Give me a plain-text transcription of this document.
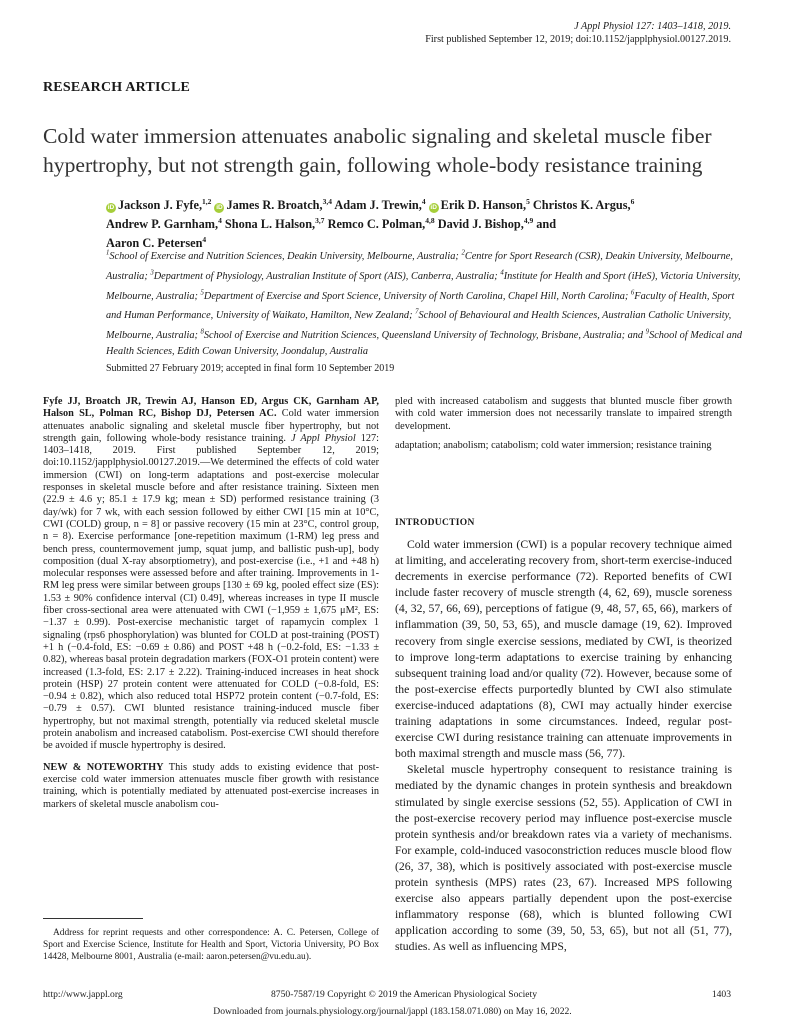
J Appl Physiol 127: 1403–1418, 2019.
First published September 12, 2019; doi:10.1152/japplphysiol.00127.2019.
RESEARCH ARTICLE
Cold water immersion attenuates anabolic signaling and skeletal muscle fiber hypertrophy, but not strength gain, following whole-body resistance training
iD Jackson J. Fyfe,$^{1,2}$ iD James R. Broatch,$^{3,4}$ Adam J. Trewin,$^4$ iD Erik D. Hanson,$^5$ Christos K. Argus,$^6$
Andrew P. Garnham,$^4$ Shona L. Halson,$^{3,7}$ Remco C. Polman,$^{4,8}$ David J. Bishop,$^{4,9}$ and
Aaron C. Petersen$^4$
$^1$School of Exercise and Nutrition Sciences, Deakin University, Melbourne, Australia; $^2$Centre for Sport Research (CSR), Deakin University, Melbourne, Australia; $^3$Department of Physiology, Australian Institute of Sport (AIS), Canberra, Australia; $^4$Institute for Health and Sport (iHeS), Victoria University, Melbourne, Australia; $^5$Department of Exercise and Sport Science, University of North Carolina, Chapel Hill, North Carolina; $^6$Faculty of Health, Sport and Human Performance, University of Waikato, Hamilton, New Zealand; $^7$School of Behavioural and Health Sciences, Australian Catholic University, Melbourne, Australia; $^8$School of Exercise and Nutrition Sciences, Queensland University of Technology, Brisbane, Australia; and $^9$School of Medical and Health Sciences, Edith Cowan University, Joondalup, Australia
Submitted 27 February 2019; accepted in final form 10 September 2019

Fyfe JJ, Broatch JR, Trewin AJ, Hanson ED, Argus CK, Garnham AP, Halson SL, Polman RC, Bishop DJ, Petersen AC. Cold water immersion attenuates anabolic signaling and skeletal muscle fiber hypertrophy, but not strength gain, following whole-body resistance training. J Appl Physiol 127: 1403–1418, 2019. First published September 12, 2019; doi:10.1152/japplphysiol.00127.2019.—We determined the effects of cold water immersion (CWI) on long-term adaptations and post-exercise molecular responses in skeletal muscle before and after resistance training. Sixteen men (22.9 ± 4.6 y; 85.1 ± 17.9 kg; mean ± SD) performed resistance training (3 day/wk) for 7 wk, with each session followed by either CWI [15 min at 10°C, CWI (COLD) group, n = 8] or passive recovery (15 min at 23°C, control group, n = 8). Exercise performance [one-repetition maximum (1-RM) leg press and bench press, countermovement jump, squat jump, and ballistic push-up], body composition (dual X-ray absorptiometry), and post-exercise (i.e., +1 and +48 h) molecular responses were assessed before and after training. Improvements in 1-RM leg press were similar between groups [130 ± 69 kg, pooled effect size (ES): 1.53 ± 90% confidence interval (CI) 0.49], whereas increases in type II muscle fiber cross-sectional area were attenuated with CWI (−1,959 ± 1,675 μM², ES: −1.37 ± 0.99). Post-exercise mechanistic target of rapamycin complex 1 signaling (rps6 phosphorylation) was blunted for COLD at post-training (POST) +1 h (−0.4-fold, ES: −0.69 ± 0.86) and POST +48 h (−0.2-fold, ES: −1.33 ± 0.82), whereas basal protein degradation markers (FOX-O1 protein content) were increased (1.3-fold, ES: 2.17 ± 2.22). Training-induced increases in heat shock protein (HSP) 27 protein content were attenuated for COLD (−0.8-fold, ES: −0.94 ± 0.82), which also reduced total HSP72 protein content (−0.7-fold, ES: −0.79 ± 0.57). CWI blunted resistance training-induced muscle fiber hypertrophy, but not maximal strength, potentially via reduced skeletal muscle protein anabolism and increased catabolism. Post-exercise CWI should therefore be avoided if muscle hypertrophy is desired.

NEW & NOTEWORTHY This study adds to existing evidence that post-exercise cold water immersion attenuates muscle fiber growth with resistance training, which is potentially mediated by attenuated post-exercise increases in markers of skeletal muscle anabolism cou-

adaptation; anabolism; catabolism; cold water immersion; resistance training

INTRODUCTION

Cold water immersion (CWI) is a popular recovery technique aimed at limiting, and accelerating recovery from, short-term exercise-induced decrements in exercise performance (72). Reported benefits of CWI include faster recovery of muscle strength (4, 62, 69), muscle soreness (4, 32, 57, 66, 69), perceptions of fatigue (9, 48, 57, 65, 66), markers of inflammation (39, 50, 53, 65), and muscle damage (19, 62). Improved recovery from single exercise sessions, mediated by CWI, is theorized to improve long-term adaptations to exercise training by enhancing subsequent training load and/or quality (72). However, because some of the post-exercise effects purportedly blunted by CWI also stimulate exercise-induced adaptations (8), CWI may actually hinder exercise training adaptations in some circumstances. Indeed, regular post-exercise CWI during resistance training can attenuate improvements in both maximal strength and muscle mass (56, 77).

Skeletal muscle hypertrophy consequent to resistance training is mediated by the dynamic changes in protein synthesis and breakdown stimulated by single exercise sessions (52, 55). Application of CWI in the post-exercise recovery period may influence post-exercise muscle protein synthesis and/or breakdown rates via a variety of mechanisms. For example, cold-induced vasoconstriction reduces muscle blood flow (26, 37, 38), which is positively associated with post-exercise muscle protein synthesis (MPS) rates (23, 67). Increased MPS following exercise also appears partially dependent upon the post-exercise inflammatory response (68), which is blunted following CWI application according to some (39, 50, 53, 65), but not all (51, 77), studies. As well as influencing MPS,

Address for reprint requests and other correspondence: A. C. Petersen, College of Sport and Exercise Science, Institute for Health and Sport, Victoria University, PO Box 14428, Melbourne 8001, Australia (e-mail: aaron.petersen@vu.edu.au).
http://www.jappl.org	8750-7587/19 Copyright © 2019 the American Physiological Society	1403
Downloaded from journals.physiology.org/journal/jappl (183.158.071.080) on May 16, 2022.
pled with increased catabolism and suggests that blunted muscle fiber growth with cold water immersion does not necessarily translate to impaired strength development.
